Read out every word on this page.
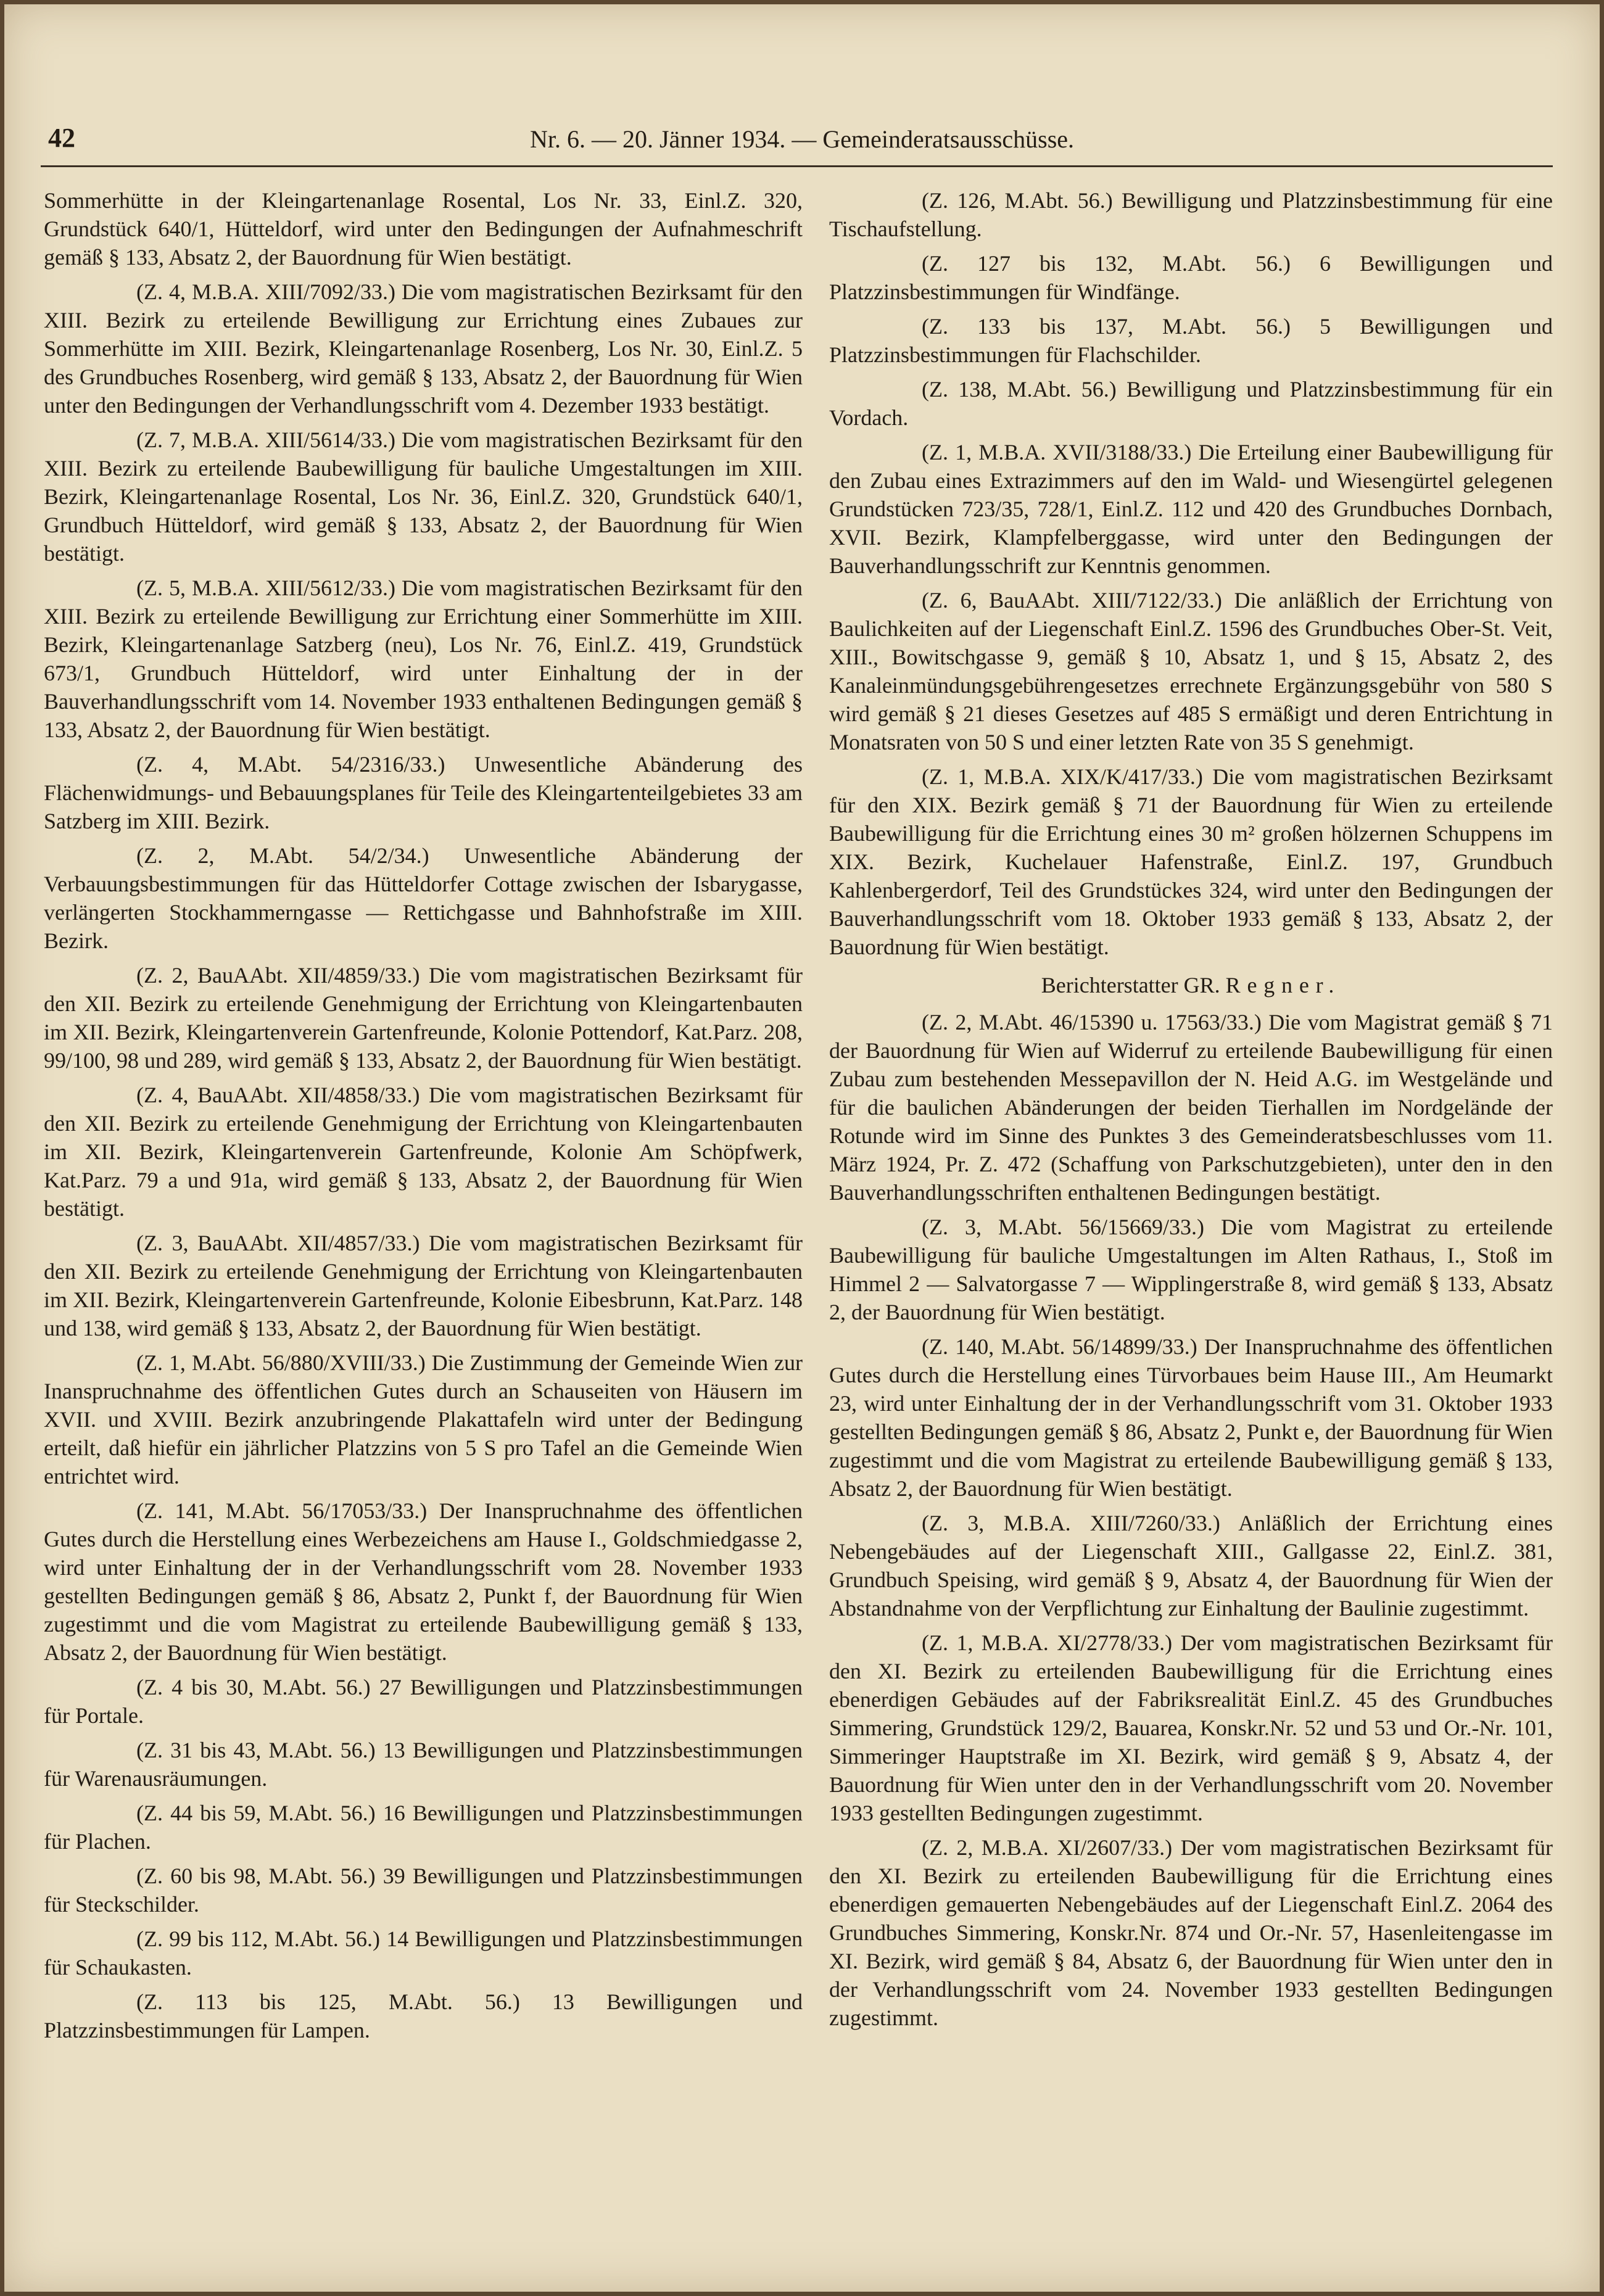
42	Nr. 6. — 20. Jänner 1934. — Gemeinderatsausschüsse.

Sommerhütte in der Kleingartenanlage Rosental, Los Nr. 33, Einl.Z. 320, Grundstück 640/1, Hütteldorf, wird unter den Bedingungen der Aufnahmeschrift gemäß § 133, Absatz 2, der Bauordnung für Wien bestätigt.

(Z. 4, M.B.A. XIII/7092/33.) Die vom magistratischen Bezirksamt für den XIII. Bezirk zu erteilende Bewilligung zur Errichtung eines Zubaues zur Sommerhütte im XIII. Bezirk, Kleingartenanlage Rosenberg, Los Nr. 30, Einl.Z. 5 des Grundbuches Rosenberg, wird gemäß § 133, Absatz 2, der Bauordnung für Wien unter den Bedingungen der Verhandlungsschrift vom 4. Dezember 1933 bestätigt.

(Z. 7, M.B.A. XIII/5614/33.) Die vom magistratischen Bezirksamt für den XIII. Bezirk zu erteilende Baubewilligung für bauliche Umgestaltungen im XIII. Bezirk, Kleingartenanlage Rosental, Los Nr. 36, Einl.Z. 320, Grundstück 640/1, Grundbuch Hütteldorf, wird gemäß § 133, Absatz 2, der Bauordnung für Wien bestätigt.

(Z. 5, M.B.A. XIII/5612/33.) Die vom magistratischen Bezirksamt für den XIII. Bezirk zu erteilende Bewilligung zur Errichtung einer Sommerhütte im XIII. Bezirk, Kleingartenanlage Satzberg (neu), Los Nr. 76, Einl.Z. 419, Grundstück 673/1, Grundbuch Hütteldorf, wird unter Einhaltung der in der Bauverhandlungsschrift vom 14. November 1933 enthaltenen Bedingungen gemäß § 133, Absatz 2, der Bauordnung für Wien bestätigt.

(Z. 4, M.Abt. 54/2316/33.) Unwesentliche Abänderung des Flächenwidmungs- und Bebauungsplanes für Teile des Kleingartenteilgebietes 33 am Satzberg im XIII. Bezirk.

(Z. 2, M.Abt. 54/2/34.) Unwesentliche Abänderung der Verbauungsbestimmungen für das Hütteldorfer Cottage zwischen der Isbarygasse, verlängerten Stockhammerngasse — Rettichgasse und Bahnhofstraße im XIII. Bezirk.

(Z. 2, BauAAbt. XII/4859/33.) Die vom magistratischen Bezirksamt für den XII. Bezirk zu erteilende Genehmigung der Errichtung von Kleingartenbauten im XII. Bezirk, Kleingartenverein Gartenfreunde, Kolonie Pottendorf, Kat.Parz. 208, 99/100, 98 und 289, wird gemäß § 133, Absatz 2, der Bauordnung für Wien bestätigt.

(Z. 4, BauAAbt. XII/4858/33.) Die vom magistratischen Bezirksamt für den XII. Bezirk zu erteilende Genehmigung der Errichtung von Kleingartenbauten im XII. Bezirk, Kleingartenverein Gartenfreunde, Kolonie Am Schöpfwerk, Kat.Parz. 79 a und 91a, wird gemäß § 133, Absatz 2, der Bauordnung für Wien bestätigt.

(Z. 3, BauAAbt. XII/4857/33.) Die vom magistratischen Bezirksamt für den XII. Bezirk zu erteilende Genehmigung der Errichtung von Kleingartenbauten im XII. Bezirk, Kleingartenverein Gartenfreunde, Kolonie Eibesbrunn, Kat.Parz. 148 und 138, wird gemäß § 133, Absatz 2, der Bauordnung für Wien bestätigt.

(Z. 1, M.Abt. 56/880/XVIII/33.) Die Zustimmung der Gemeinde Wien zur Inanspruchnahme des öffentlichen Gutes durch an Schauseiten von Häusern im XVII. und XVIII. Bezirk anzubringende Plakattafeln wird unter der Bedingung erteilt, daß hiefür ein jährlicher Platzzins von 5 S pro Tafel an die Gemeinde Wien entrichtet wird.

(Z. 141, M.Abt. 56/17053/33.) Der Inanspruchnahme des öffentlichen Gutes durch die Herstellung eines Werbezeichens am Hause I., Goldschmiedgasse 2, wird unter Einhaltung der in der Verhandlungsschrift vom 28. November 1933 gestellten Bedingungen gemäß § 86, Absatz 2, Punkt f, der Bauordnung für Wien zugestimmt und die vom Magistrat zu erteilende Baubewilligung gemäß § 133, Absatz 2, der Bauordnung für Wien bestätigt.

(Z. 4 bis 30, M.Abt. 56.) 27 Bewilligungen und Platzzinsbestimmungen für Portale.

(Z. 31 bis 43, M.Abt. 56.) 13 Bewilligungen und Platzzinsbestimmungen für Warenausräumungen.

(Z. 44 bis 59, M.Abt. 56.) 16 Bewilligungen und Platzzinsbestimmungen für Plachen.

(Z. 60 bis 98, M.Abt. 56.) 39 Bewilligungen und Platzzinsbestimmungen für Steckschilder.

(Z. 99 bis 112, M.Abt. 56.) 14 Bewilligungen und Platzzinsbestimmungen für Schaukasten.

(Z. 113 bis 125, M.Abt. 56.) 13 Bewilligungen und Platzzinsbestimmungen für Lampen.

(Z. 126, M.Abt. 56.) Bewilligung und Platzzinsbestimmung für eine Tischaufstellung.

(Z. 127 bis 132, M.Abt. 56.) 6 Bewilligungen und Platzzinsbestimmungen für Windfänge.

(Z. 133 bis 137, M.Abt. 56.) 5 Bewilligungen und Platzzinsbestimmungen für Flachschilder.

(Z. 138, M.Abt. 56.) Bewilligung und Platzzinsbestimmung für ein Vordach.

(Z. 1, M.B.A. XVII/3188/33.) Die Erteilung einer Baubewilligung für den Zubau eines Extrazimmers auf den im Wald- und Wiesengürtel gelegenen Grundstücken 723/35, 728/1, Einl.Z. 112 und 420 des Grundbuches Dornbach, XVII. Bezirk, Klampfelberggasse, wird unter den Bedingungen der Bauverhandlungsschrift zur Kenntnis genommen.

(Z. 6, BauAAbt. XIII/7122/33.) Die anläßlich der Errichtung von Baulichkeiten auf der Liegenschaft Einl.Z. 1596 des Grundbuches Ober-St. Veit, XIII., Bowitschgasse 9, gemäß § 10, Absatz 1, und § 15, Absatz 2, des Kanaleinmündungsgebührengesetzes errechnete Ergänzungsgebühr von 580 S wird gemäß § 21 dieses Gesetzes auf 485 S ermäßigt und deren Entrichtung in Monatsraten von 50 S und einer letzten Rate von 35 S genehmigt.

(Z. 1, M.B.A. XIX/K/417/33.) Die vom magistratischen Bezirksamt für den XIX. Bezirk gemäß § 71 der Bauordnung für Wien zu erteilende Baubewilligung für die Errichtung eines 30 m² großen hölzernen Schuppens im XIX. Bezirk, Kuchelauer Hafenstraße, Einl.Z. 197, Grundbuch Kahlenbergerdorf, Teil des Grundstückes 324, wird unter den Bedingungen der Bauverhandlungsschrift vom 18. Oktober 1933 gemäß § 133, Absatz 2, der Bauordnung für Wien bestätigt.

Berichterstatter GR. Regner.

(Z. 2, M.Abt. 46/15390 u. 17563/33.) Die vom Magistrat gemäß § 71 der Bauordnung für Wien auf Widerruf zu erteilende Baubewilligung für einen Zubau zum bestehenden Messepavillon der N. Heid A.G. im Westgelände und für die baulichen Abänderungen der beiden Tierhallen im Nordgelände der Rotunde wird im Sinne des Punktes 3 des Gemeinderatsbeschlusses vom 11. März 1924, Pr. Z. 472 (Schaffung von Parkschutzgebieten), unter den in den Bauverhandlungsschriften enthaltenen Bedingungen bestätigt.

(Z. 3, M.Abt. 56/15669/33.) Die vom Magistrat zu erteilende Baubewilligung für bauliche Umgestaltungen im Alten Rathaus, I., Stoß im Himmel 2 — Salvatorgasse 7 — Wipplingerstraße 8, wird gemäß § 133, Absatz 2, der Bauordnung für Wien bestätigt.

(Z. 140, M.Abt. 56/14899/33.) Der Inanspruchnahme des öffentlichen Gutes durch die Herstellung eines Türvorbaues beim Hause III., Am Heumarkt 23, wird unter Einhaltung der in der Verhandlungsschrift vom 31. Oktober 1933 gestellten Bedingungen gemäß § 86, Absatz 2, Punkt e, der Bauordnung für Wien zugestimmt und die vom Magistrat zu erteilende Baubewilligung gemäß § 133, Absatz 2, der Bauordnung für Wien bestätigt.

(Z. 3, M.B.A. XIII/7260/33.) Anläßlich der Errichtung eines Nebengebäudes auf der Liegenschaft XIII., Gallgasse 22, Einl.Z. 381, Grundbuch Speising, wird gemäß § 9, Absatz 4, der Bauordnung für Wien der Abstandnahme von der Verpflichtung zur Einhaltung der Baulinie zugestimmt.

(Z. 1, M.B.A. XI/2778/33.) Der vom magistratischen Bezirksamt für den XI. Bezirk zu erteilenden Baubewilligung für die Errichtung eines ebenerdigen Gebäudes auf der Fabriksrealität Einl.Z. 45 des Grundbuches Simmering, Grundstück 129/2, Bauarea, Konskr.Nr. 52 und 53 und Or.-Nr. 101, Simmeringer Hauptstraße im XI. Bezirk, wird gemäß § 9, Absatz 4, der Bauordnung für Wien unter den in der Verhandlungsschrift vom 20. November 1933 gestellten Bedingungen zugestimmt.

(Z. 2, M.B.A. XI/2607/33.) Der vom magistratischen Bezirksamt für den XI. Bezirk zu erteilenden Baubewilligung für die Errichtung eines ebenerdigen gemauerten Nebengebäudes auf der Liegenschaft Einl.Z. 2064 des Grundbuches Simmering, Konskr.Nr. 874 und Or.-Nr. 57, Hasenleitengasse im XI. Bezirk, wird gemäß § 84, Absatz 6, der Bauordnung für Wien unter den in der Verhandlungsschrift vom 24. November 1933 gestellten Bedingungen zugestimmt.
